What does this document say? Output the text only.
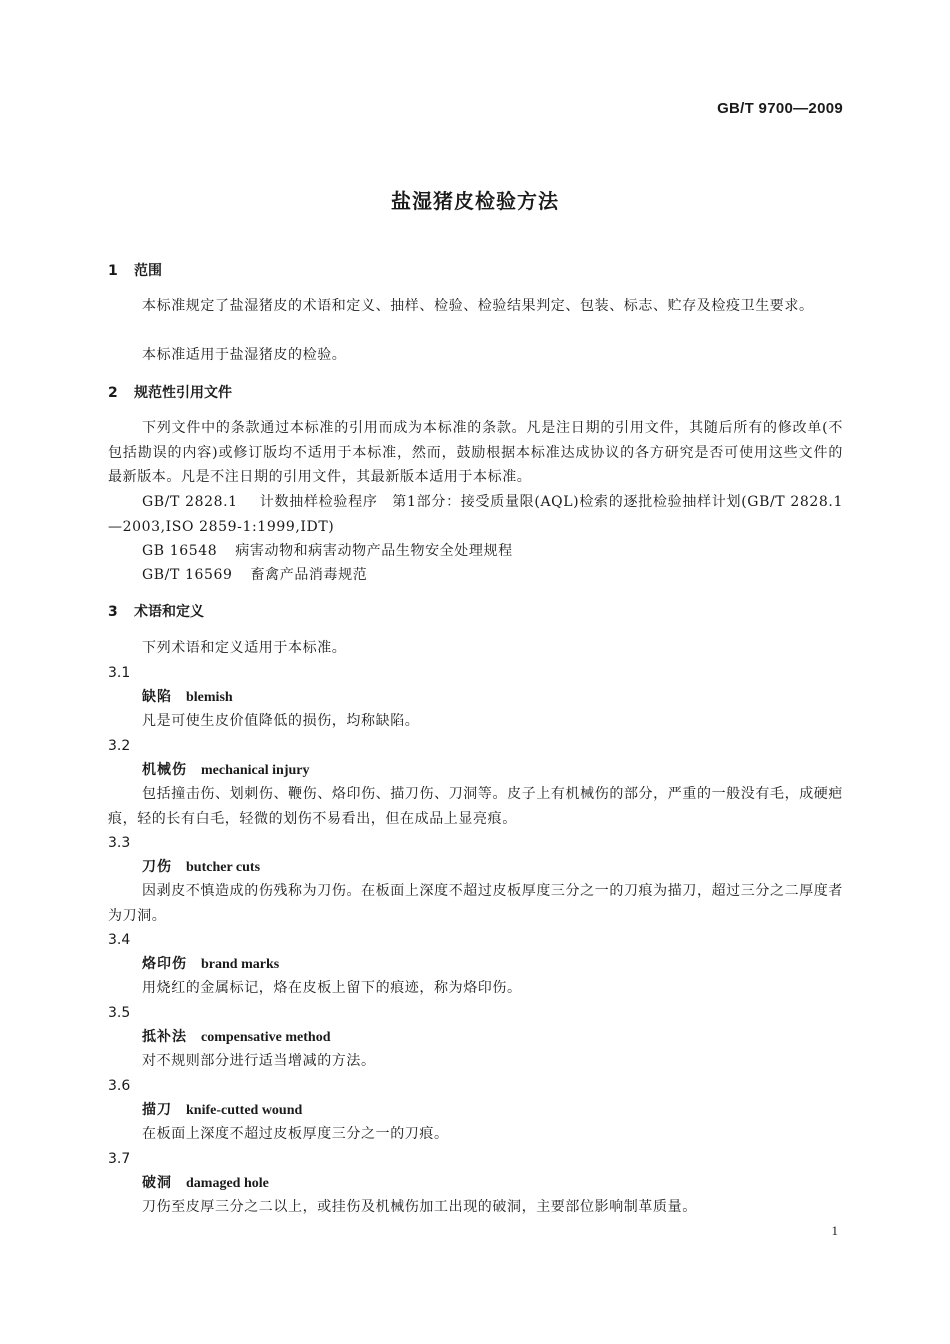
GB/T 9700—2009
盐湿猪皮检验方法
1 范围
本标准规定了盐湿猪皮的术语和定义、抽样、检验、检验结果判定、包装、标志、贮存及检疫卫生要求。
本标准适用于盐湿猪皮的检验。
2 规范性引用文件
下列文件中的条款通过本标准的引用而成为本标准的条款。凡是注日期的引用文件，其随后所有的修改单(不包括勘误的内容)或修订版均不适用于本标准，然而，鼓励根据本标准达成协议的各方研究是否可使用这些文件的最新版本。凡是不注日期的引用文件，其最新版本适用于本标准。
GB/T 2828.1 计数抽样检验程序　第1部分：接受质量限(AQL)检索的逐批检验抽样计划(GB/T 2828.1—2003,ISO 2859-1:1999,IDT)
GB 16548 病害动物和病害动物产品生物安全处理规程
GB/T 16569 畜禽产品消毒规范
3 术语和定义
下列术语和定义适用于本标准。
3.1
缺陷 blemish
凡是可使生皮价值降低的损伤，均称缺陷。
3.2
机械伤 mechanical injury
包括撞击伤、划刺伤、鞭伤、烙印伤、描刀伤、刀洞等。皮子上有机械伤的部分，严重的一般没有毛，成硬疤痕，轻的长有白毛，轻微的划伤不易看出，但在成品上显亮痕。
3.3
刀伤 butcher cuts
因剥皮不慎造成的伤残称为刀伤。在板面上深度不超过皮板厚度三分之一的刀痕为描刀，超过三分之二厚度者为刀洞。
3.4
烙印伤 brand marks
用烧红的金属标记，烙在皮板上留下的痕迹，称为烙印伤。
3.5
抵补法 compensative method
对不规则部分进行适当增减的方法。
3.6
描刀 knife-cutted wound
在板面上深度不超过皮板厚度三分之一的刀痕。
3.7
破洞 damaged hole
刀伤至皮厚三分之二以上，或挂伤及机械伤加工出现的破洞，主要部位影响制革质量。
1
